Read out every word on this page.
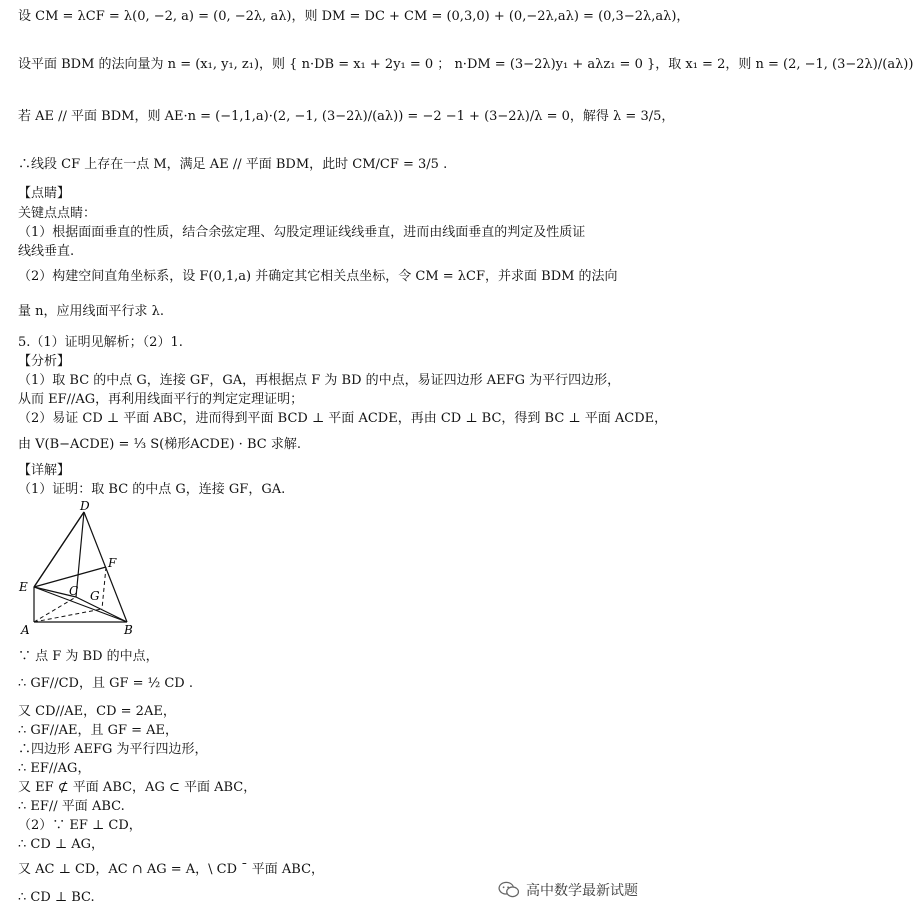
设 CM = λCF = λ(0, −2, a) = (0, −2λ, aλ)，则 DM = DC + CM = (0,3,0) + (0,−2λ,aλ) = (0,3−2λ,aλ)，
设平面 BDM 的法向量为 n = (x₁, y₁, z₁)，则 { n·DB = x₁ + 2y₁ = 0 ； n·DM = (3−2λ)y₁ + aλz₁ = 0 }，取 x₁ = 2，则 n = (2, −1, (3−2λ)/(aλ))
若 AE // 平面 BDM，则 AE·n = (−1,1,a)·(2, −1, (3−2λ)/(aλ)) = −2 −1 + (3−2λ)/λ = 0，解得 λ = 3/5，
∴线段 CF 上存在一点 M，满足 AE // 平面 BDM，此时 CM/CF = 3/5 .
【点睛】
关键点点睛：
（1）根据面面垂直的性质，结合余弦定理、勾股定理证线线垂直，进而由线面垂直的判定及性质证
线线垂直.
（2）构建空间直角坐标系，设 F(0,1,a) 并确定其它相关点坐标，令 CM = λCF，并求面 BDM 的法向
量 n，应用线面平行求 λ.
5.（1）证明见解析；（2）1.
【分析】
（1）取 BC 的中点 G，连接 GF，GA，再根据点 F 为 BD 的中点，易证四边形 AEFG 为平行四边形，
从而 EF//AG，再利用线面平行的判定定理证明；
（2）易证 CD ⊥ 平面 ABC，进而得到平面 BCD ⊥ 平面 ACDE，再由 CD ⊥ BC，得到 BC ⊥ 平面 ACDE，
由 V(B−ACDE) = ⅓ S(梯形ACDE) · BC 求解.
【详解】
（1）证明：取 BC 的中点 G，连接 GF，GA.
∵ 点 F 为 BD 的中点，
∴ GF//CD，且 GF = ½ CD .
又 CD//AE，CD = 2AE，
∴ GF//AE，且 GF = AE，
∴四边形 AEFG 为平行四边形，
∴ EF//AG，
又 EF ⊄ 平面 ABC，AG ⊂ 平面 ABC，
∴ EF// 平面 ABC.
（2）∵ EF ⊥ CD，
∴ CD ⊥ AG，
又 AC ⊥ CD，AC ∩ AG = A，\ CD ˉ 平面 ABC，
∴ CD ⊥ BC.
D
E
F
C G
A	B
高中数学最新试题
